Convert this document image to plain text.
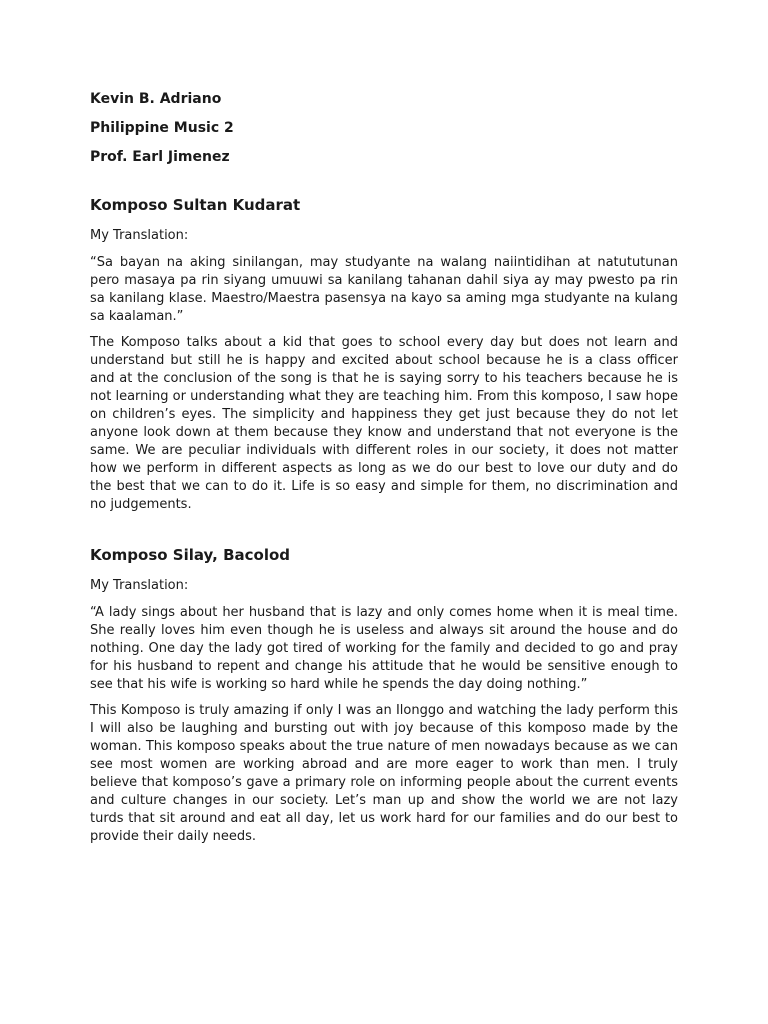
Kevin B. Adriano
Philippine Music 2
Prof. Earl Jimenez
Komposo Sultan Kudarat
My Translation:

“Sa bayan na aking sinilangan, may studyante na walang naiintidihan at natututunan pero masaya pa rin siyang umuuwi sa kanilang tahanan dahil siya ay may pwesto pa rin sa kanilang klase. Maestro/Maestra pasensya na kayo sa aming mga studyante na kulang sa kaalaman.”

The Komposo talks about a kid that goes to school every day but does not learn and understand but still he is happy and excited about school because he is a class officer and at the conclusion of the song is that he is saying sorry to his teachers because he is not learning or understanding what they are teaching him. From this komposo, I saw hope on children’s eyes. The simplicity and happiness they get just because they do not let anyone look down at them because they know and understand that not everyone is the same. We are peculiar individuals with different roles in our society, it does not matter how we perform in different aspects as long as we do our best to love our duty and do the best that we can to do it. Life is so easy and simple for them, no discrimination and no judgements.

Komposo Silay, Bacolod
My Translation:

“A lady sings about her husband that is lazy and only comes home when it is meal time. She really loves him even though he is useless and always sit around the house and do nothing. One day the lady got tired of working for the family and decided to go and pray for his husband to repent and change his attitude that he would be sensitive enough to see that his wife is working so hard while he spends the day doing nothing.”

This Komposo is truly amazing if only I was an Ilonggo and watching the lady perform this I will also be laughing and bursting out with joy because of this komposo made by the woman. This komposo speaks about the true nature of men nowadays because as we can see most women are working abroad and are more eager to work than men. I truly believe that komposo’s gave a primary role on informing people about the current events and culture changes in our society. Let’s man up and show the world we are not lazy turds that sit around and eat all day, let us work hard for our families and do our best to provide their daily needs.
